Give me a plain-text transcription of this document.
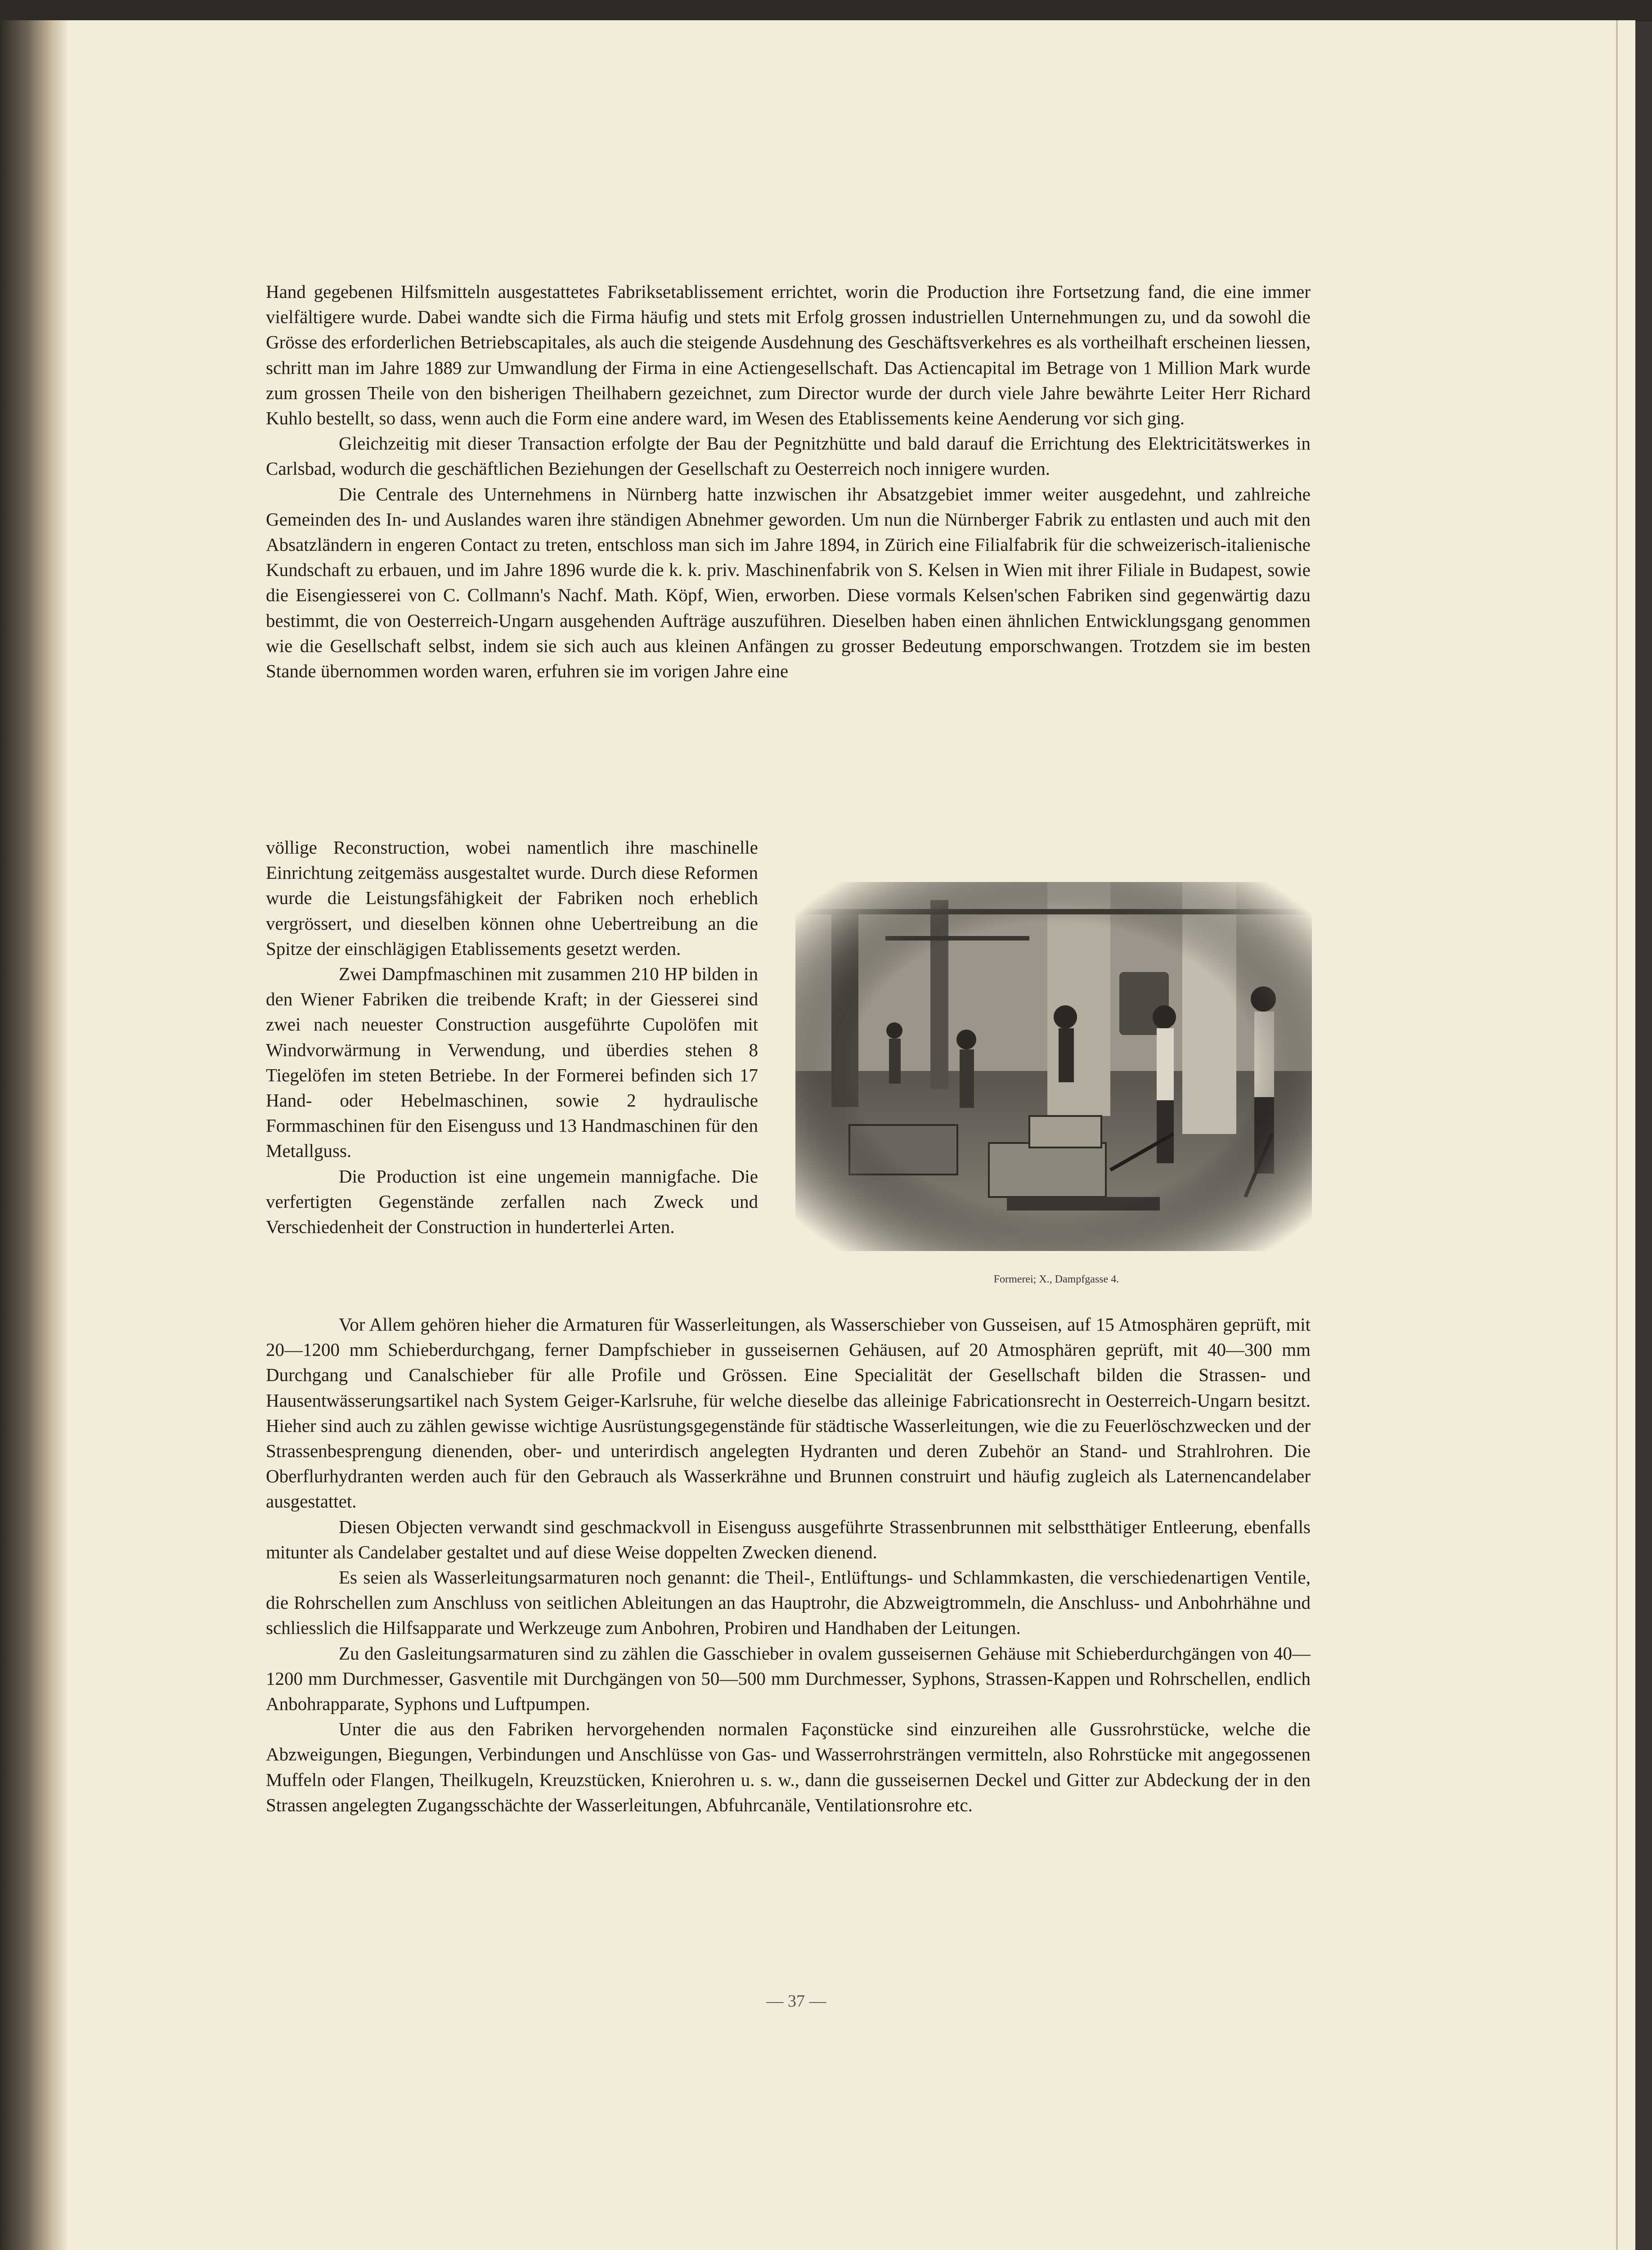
Hand gegebenen Hilfsmitteln ausgestattetes Fabriksetablissement errichtet, worin die Production ihre Fortsetzung fand, die eine immer vielfältigere wurde. Dabei wandte sich die Firma häufig und stets mit Erfolg grossen industriellen Unternehmungen zu, und da sowohl die Grösse des erforderlichen Betriebscapitales, als auch die steigende Ausdehnung des Geschäftsverkehres es als vortheilhaft erscheinen liessen, schritt man im Jahre 1889 zur Umwandlung der Firma in eine Actiengesellschaft. Das Actiencapital im Betrage von 1 Million Mark wurde zum grossen Theile von den bisherigen Theilhabern gezeichnet, zum Director wurde der durch viele Jahre bewährte Leiter Herr Richard Kuhlo bestellt, so dass, wenn auch die Form eine andere ward, im Wesen des Etablissements keine Aenderung vor sich ging.

Gleichzeitig mit dieser Transaction erfolgte der Bau der Pegnitzhütte und bald darauf die Errichtung des Elektricitätswerkes in Carlsbad, wodurch die geschäftlichen Beziehungen der Gesellschaft zu Oesterreich noch innigere wurden.

Die Centrale des Unternehmens in Nürnberg hatte inzwischen ihr Absatzgebiet immer weiter ausgedehnt, und zahlreiche Gemeinden des In- und Auslandes waren ihre ständigen Abnehmer geworden. Um nun die Nürnberger Fabrik zu entlasten und auch mit den Absatzländern in engeren Contact zu treten, entschloss man sich im Jahre 1894, in Zürich eine Filialfabrik für die schweizerisch-italienische Kundschaft zu erbauen, und im Jahre 1896 wurde die k. k. priv. Maschinenfabrik von S. Kelsen in Wien mit ihrer Filiale in Budapest, sowie die Eisengiesserei von C. Collmann's Nachf. Math. Köpf, Wien, erworben. Diese vormals Kelsen'schen Fabriken sind gegenwärtig dazu bestimmt, die von Oesterreich-Ungarn ausgehenden Aufträge auszuführen. Dieselben haben einen ähnlichen Entwicklungsgang genommen wie die Gesellschaft selbst, indem sie sich auch aus kleinen Anfängen zu grosser Bedeutung emporschwangen. Trotzdem sie im besten Stande übernommen worden waren, erfuhren sie im vorigen Jahre eine

völlige Reconstruction, wobei namentlich ihre maschinelle Einrichtung zeitgemäss ausgestaltet wurde. Durch diese Reformen wurde die Leistungsfähigkeit der Fabriken noch erheblich vergrössert, und dieselben können ohne Uebertreibung an die Spitze der einschlägigen Etablissements gesetzt werden.

Zwei Dampfmaschinen mit zusammen 210 HP bilden in den Wiener Fabriken die treibende Kraft; in der Giesserei sind zwei nach neuester Construction ausgeführte Cupolöfen mit Windvorwärmung in Verwendung, und überdies stehen 8 Tiegelöfen im steten Betriebe. In der Formerei befinden sich 17 Hand- oder Hebelmaschinen, sowie 2 hydraulische Formmaschinen für den Eisenguss und 13 Handmaschinen für den Metallguss.

Die Production ist eine ungemein mannigfache. Die verfertigten Gegenstände zerfallen nach Zweck und Verschiedenheit der Construction in hunderterlei Arten.

Formerei; X., Dampfgasse 4.

Vor Allem gehören hieher die Armaturen für Wasserleitungen, als Wasserschieber von Gusseisen, auf 15 Atmosphären geprüft, mit 20—1200 mm Schieberdurchgang, ferner Dampfschieber in gusseisernen Gehäusen, auf 20 Atmosphären geprüft, mit 40—300 mm Durchgang und Canalschieber für alle Profile und Grössen. Eine Specialität der Gesellschaft bilden die Strassen- und Hausentwässerungsartikel nach System Geiger-Karlsruhe, für welche dieselbe das alleinige Fabricationsrecht in Oesterreich-Ungarn besitzt. Hieher sind auch zu zählen gewisse wichtige Ausrüstungsgegenstände für städtische Wasserleitungen, wie die zu Feuerlöschzwecken und der Strassenbesprengung dienenden, ober- und unterirdisch angelegten Hydranten und deren Zubehör an Stand- und Strahlrohren. Die Oberflurhydranten werden auch für den Gebrauch als Wasserkrähne und Brunnen construirt und häufig zugleich als Laternencandelaber ausgestattet.

Diesen Objecten verwandt sind geschmackvoll in Eisenguss ausgeführte Strassenbrunnen mit selbstthätiger Entleerung, ebenfalls mitunter als Candelaber gestaltet und auf diese Weise doppelten Zwecken dienend.

Es seien als Wasserleitungsarmaturen noch genannt: die Theil-, Entlüftungs- und Schlammkasten, die verschiedenartigen Ventile, die Rohrschellen zum Anschluss von seitlichen Ableitungen an das Hauptrohr, die Abzweigtrommeln, die Anschluss- und Anbohrhähne und schliesslich die Hilfsapparate und Werkzeuge zum Anbohren, Probiren und Handhaben der Leitungen.

Zu den Gasleitungsarmaturen sind zu zählen die Gasschieber in ovalem gusseisernen Gehäuse mit Schieberdurchgängen von 40—1200 mm Durchmesser, Gasventile mit Durchgängen von 50—500 mm Durchmesser, Syphons, Strassen-Kappen und Rohrschellen, endlich Anbohrapparate, Syphons und Luftpumpen.

Unter die aus den Fabriken hervorgehenden normalen Façonstücke sind einzureihen alle Gussrohrstücke, welche die Abzweigungen, Biegungen, Verbindungen und Anschlüsse von Gas- und Wasserrohrsträngen vermitteln, also Rohrstücke mit angegossenen Muffeln oder Flangen, Theilkugeln, Kreuzstücken, Knierohren u. s. w., dann die gusseisernen Deckel und Gitter zur Abdeckung der in den Strassen angelegten Zugangsschächte der Wasserleitungen, Abfuhrcanäle, Ventilationsrohre etc.

— 37 —
